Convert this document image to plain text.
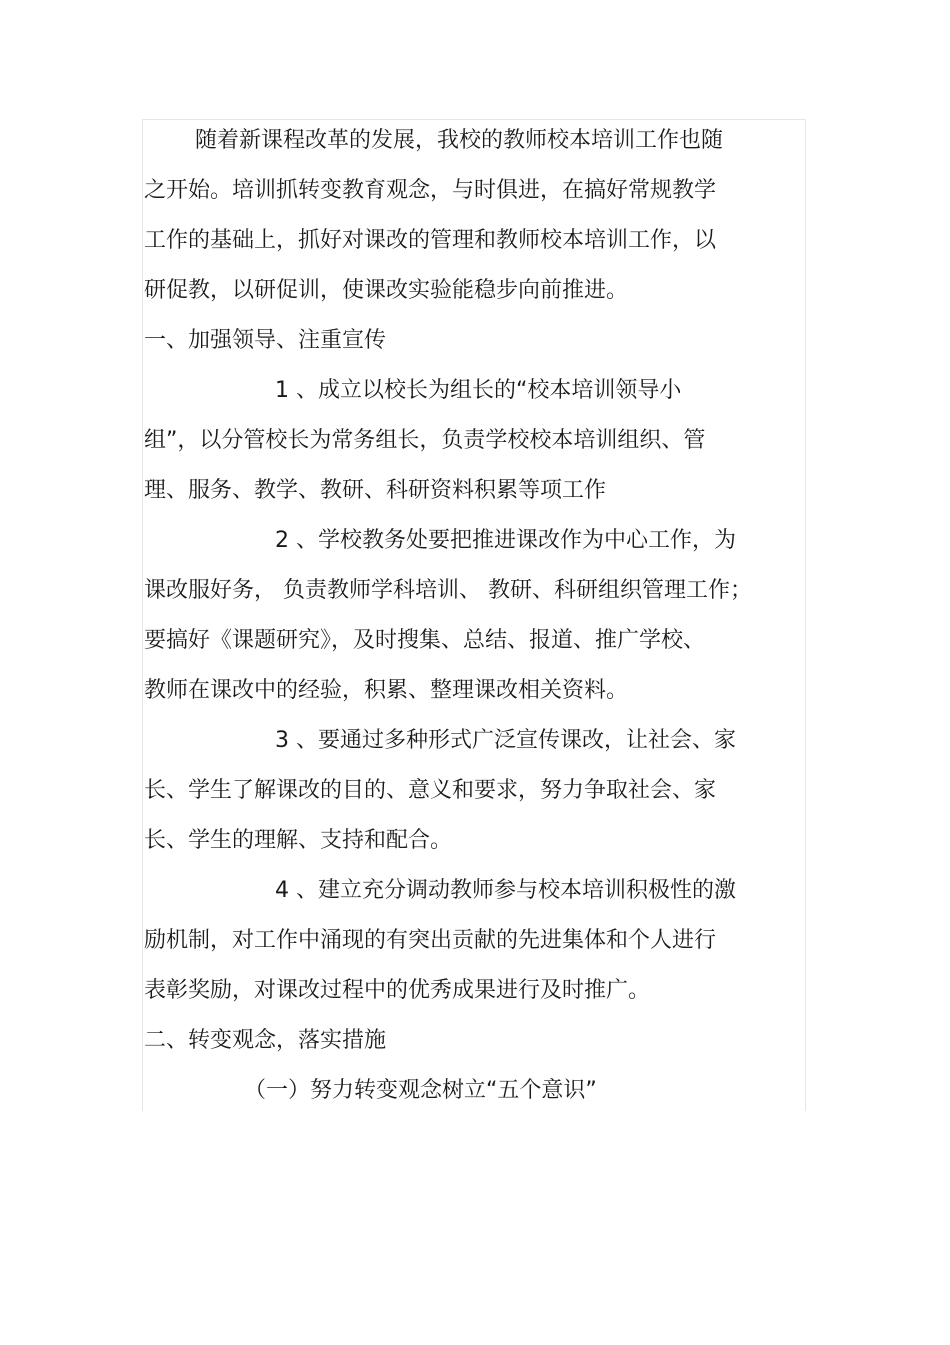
随着新课程改革的发展，我校的教师校本培训工作也随
之开始。培训抓转变教育观念，与时俱进，在搞好常规教学
工作的基础上，抓好对课改的管理和教师校本培训工作，以
研促教，以研促训，使课改实验能稳步向前推进。
一、加强领导、注重宣传
1 、成立以校长为组长的“校本培训领导小
组”，以分管校长为常务组长，负责学校校本培训组织、管
理、服务、教学、教研、科研资料积累等项工作
2 、学校教务处要把推进课改作为中心工作，为
课改服好务， 负责教师学科培训、 教研、科研组织管理工作；
要搞好《课题研究》，及时搜集、总结、报道、推广学校、
教师在课改中的经验，积累、整理课改相关资料。
3 、要通过多种形式广泛宣传课改，让社会、家
长、学生了解课改的目的、意义和要求，努力争取社会、家
长、学生的理解、支持和配合。
4 、建立充分调动教师参与校本培训积极性的激
励机制，对工作中涌现的有突出贡献的先进集体和个人进行
表彰奖励，对课改过程中的优秀成果进行及时推广。
二、转变观念，落实措施
（一）努力转变观念树立“五个意识”
